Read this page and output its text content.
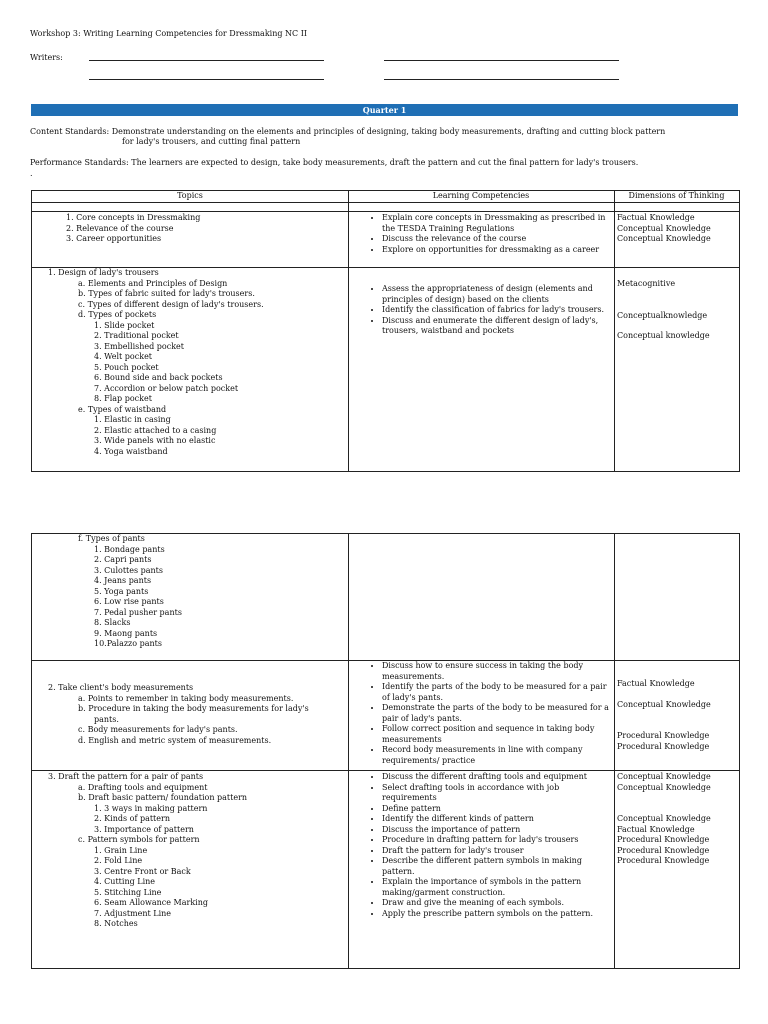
Workshop 3: Writing Learning Competencies for Dressmaking NC II
Writers:
Quarter 1
Content Standards: Demonstrate understanding on the elements and principles of designing, taking body measurements, drafting and cutting block pattern
for lady's trousers, and cutting final pattern
Performance Standards: The learners are expected to design, take body measurements, draft the pattern and cut the final pattern for lady's trousers.
.
Topics	Learning Competencies	Dimensions of Thinking
1. Core concepts in Dressmaking
2. Relevance of the course
3. Career opportunities
• Explain core concepts in Dressmaking as prescribed in the TESDA Training Regulations
• Discuss the relevance of the course
• Explore on opportunities for dressmaking as a career
Factual Knowledge
Conceptual Knowledge
Conceptual Knowledge
1. Design of lady's trousers
a. Elements and Principles of Design
b. Types of fabric suited for lady's trousers.
c. Types of different design of lady's trousers.
d. Types of pockets
1. Slide pocket
2. Traditional pocket
3. Embellished pocket
4. Welt pocket
5. Pouch pocket
6. Bound side and back pockets
7. Accordion or below patch pocket
8. Flap pocket
e. Types of waistband
1. Elastic in casing
2. Elastic attached to a casing
3. Wide panels with no elastic
4. Yoga waistband
• Assess the appropriateness of design (elements and principles of design) based on the clients
• Identify the classification of fabrics for lady's trousers.
• Discuss and enumerate the different design of lady's, trousers, waistband and pockets
Metacognitive
Conceptualknowledge
Conceptual knowledge
f. Types of pants
1. Bondage pants
2. Capri pants
3. Culottes pants
4. Jeans pants
5. Yoga pants
6. Low rise pants
7. Pedal pusher pants
8. Slacks
9. Maong pants
10.Palazzo pants
2. Take client's body measurements
a. Points to remember in taking body measurements.
b. Procedure in taking the body measurements for lady's
pants.
c. Body measurements for lady's pants.
d. English and metric system of measurements.
• Discuss how to ensure success in taking the body measurements.
• Identify the parts of the body to be measured for a pair of lady's pants.
• Demonstrate the parts of the body to be measured for a pair of lady's pants.
• Follow correct position and sequence in taking body measurements
• Record body measurements in line with company requirements/ practice
Factual Knowledge
Conceptual Knowledge
Procedural Knowledge
Procedural Knowledge
3. Draft the pattern for a pair of pants
a. Drafting tools and equipment
b. Draft basic pattern/ foundation pattern
1. 3 ways in making pattern
2. Kinds of pattern
3. Importance of pattern
c. Pattern symbols for pattern
1. Grain Line
2. Fold Line
3. Centre Front or Back
4. Cutting Line
5. Stitching Line
6. Seam Allowance Marking
7. Adjustment Line
8. Notches
• Discuss the different drafting tools and equipment
• Select drafting tools in accordance with job requirements
• Define pattern
• Identify the different kinds of pattern
• Discuss the importance of pattern
• Procedure in drafting pattern for lady's trousers
• Draft the pattern for lady's trouser
• Describe the different pattern symbols in making pattern.
• Explain the importance of symbols in the pattern making/garment construction.
• Draw and give the meaning of each symbols.
• Apply the prescribe pattern symbols on the pattern.
Conceptual Knowledge
Conceptual Knowledge
Conceptual Knowledge
Factual Knowledge
Procedural Knowledge
Procedural Knowledge
Procedural Knowledge
